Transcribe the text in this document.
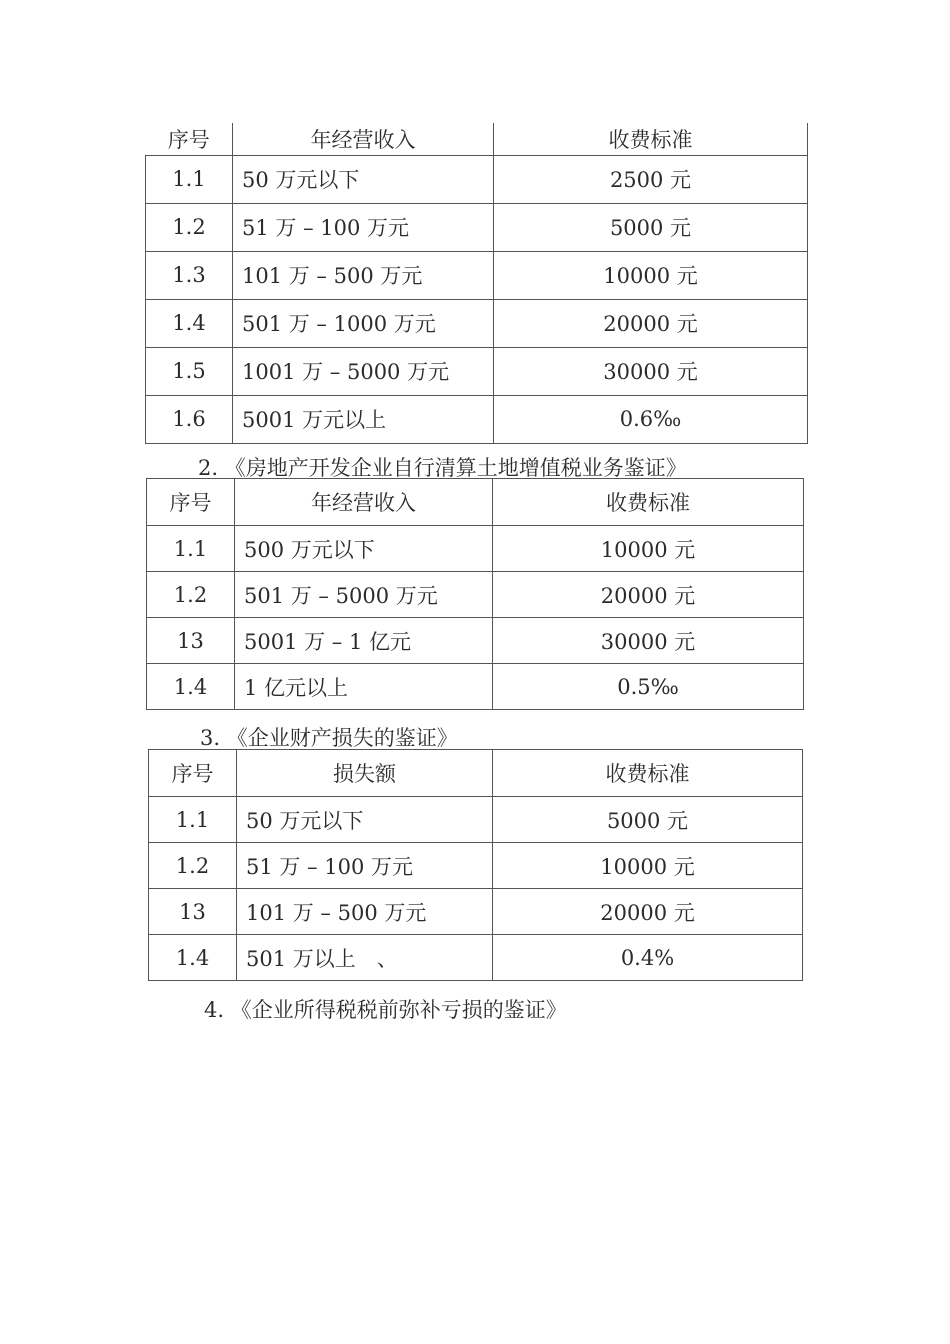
序号	年经营收入	收费标准
1.1	50 万元以下	2500 元
1.2	51 万 – 100 万元	5000 元
1.3	101 万 – 500 万元	10000 元
1.4	501 万 – 1000 万元	20000 元
1.5	1001 万 – 5000 万元	30000 元
1.6	5001 万元以上	0.6‰
2. 《房地产开发企业自行清算土地增值税业务鉴证》
序号	年经营收入	收费标准
1.1	500 万元以下	10000 元
1.2	501 万 – 5000 万元	20000 元
13	5001 万 – 1 亿元	30000 元
1.4	1 亿元以上	0.5‰
3. 《企业财产损失的鉴证》
序号	损失额	收费标准
1.1	50 万元以下	5000 元
1.2	51 万 – 100 万元	10000 元
13	101 万 – 500 万元	20000 元
1.4	501 万以上　、	0.4%
4. 《企业所得税税前弥补亏损的鉴证》
